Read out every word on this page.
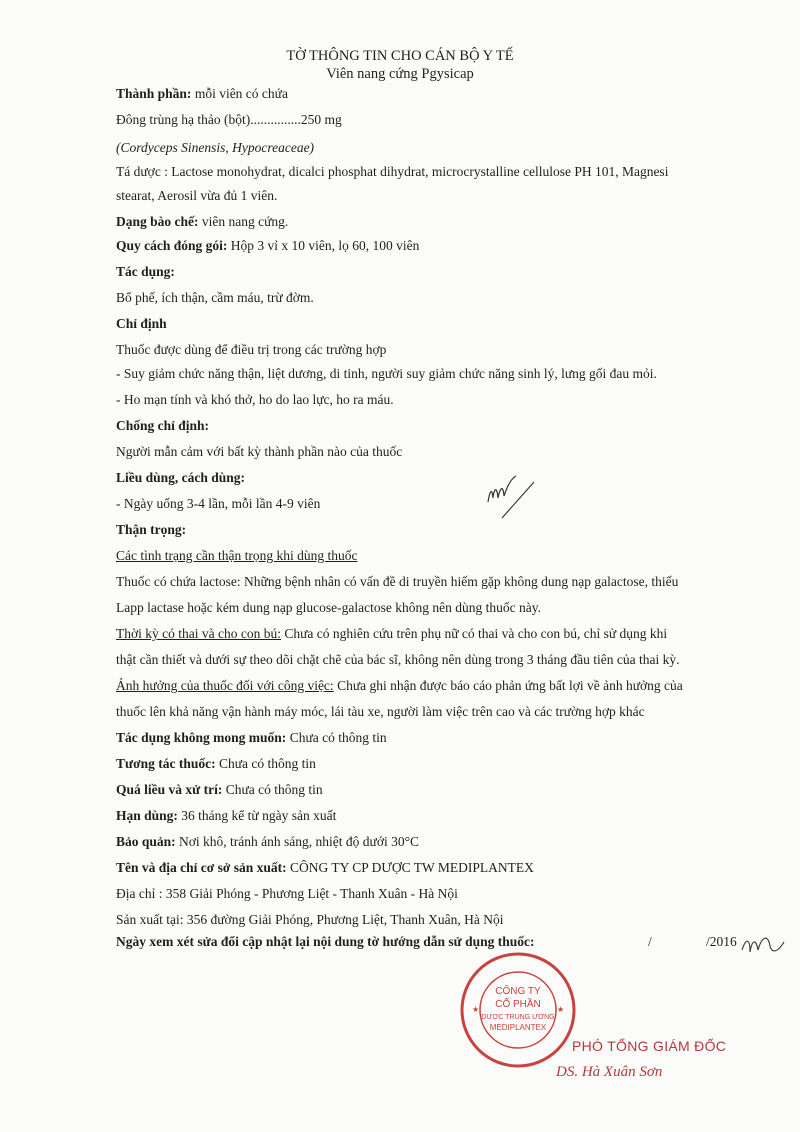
TỜ THÔNG TIN CHO CÁN BỘ Y TẾ
Viên nang cứng Pgysicap
Thành phần: mỗi viên có chứa
Đông trùng hạ thảo (bột)...............250 mg
(Cordyceps Sinensis, Hypocreaceae)
Tá dược : Lactose monohydrat, dicalci phosphat dihydrat, microcrystalline cellulose PH 101, Magnesi
stearat, Aerosil vừa đủ 1 viên.
Dạng bào chế: viên nang cứng.
Quy cách đóng gói: Hộp 3 vỉ x 10 viên, lọ 60, 100 viên
Tác dụng:
Bổ phế, ích thận, cầm máu, trừ đờm.
Chỉ định
Thuốc được dùng để điều trị trong các trường hợp
- Suy giảm chức năng thận, liệt dương, di tinh, người suy giảm chức năng sinh lý, lưng gối đau mỏi.
- Ho mạn tính và khó thở, ho do lao lực, ho ra máu.
Chống chỉ định:
Người mẫn cảm với bất kỳ thành phần nào của thuốc
Liều dùng, cách dùng:
- Ngày uống 3-4 lần, mỗi lần 4-9 viên
Thận trọng:
Các tình trạng cần thận trọng khi dùng thuốc
Thuốc có chứa lactose: Những bệnh nhân có vấn đề di truyền hiếm gặp không dung nạp galactose, thiếu
Lapp lactase hoặc kém dung nạp glucose-galactose không nên dùng thuốc này.
Thời kỳ có thai và cho con bú: Chưa có nghiên cứu trên phụ nữ có thai và cho con bú, chỉ sử dụng khi
thật cần thiết và dưới sự theo dõi chặt chẽ của bác sĩ, không nên dùng trong 3 tháng đầu tiên của thai kỳ.
Ảnh hưởng của thuốc đối với công việc: Chưa ghi nhận được báo cáo phản ứng bất lợi về ảnh hưởng của
thuốc lên khả năng vận hành máy móc, lái tàu xe, người làm việc trên cao và các trường hợp khác
Tác dụng không mong muốn: Chưa có thông tin
Tương tác thuốc: Chưa có thông tin
Quá liều và xử trí: Chưa có thông tin
Hạn dùng: 36 tháng kể từ ngày sản xuất
Bảo quản: Nơi khô, tránh ánh sáng, nhiệt độ dưới 30°C
Tên và địa chỉ cơ sở sản xuất: CÔNG TY CP DƯỢC TW MEDIPLANTEX
Địa chỉ : 358 Giải Phóng - Phương Liệt - Thanh Xuân - Hà Nội
Sản xuất tại: 356 đường Giải Phóng, Phương Liệt, Thanh Xuân, Hà Nội
Ngày xem xét sửa đổi cập nhật lại nội dung tờ hướng dẫn sử dụng thuốc:	/	/2016
CÔNG TY
CỔ PHẦN
DƯỢC TRUNG ƯƠNG
MEDIPLANTEX
★	★
PHÓ TỔNG GIÁM ĐỐC
DS. Hà Xuân Sơn
